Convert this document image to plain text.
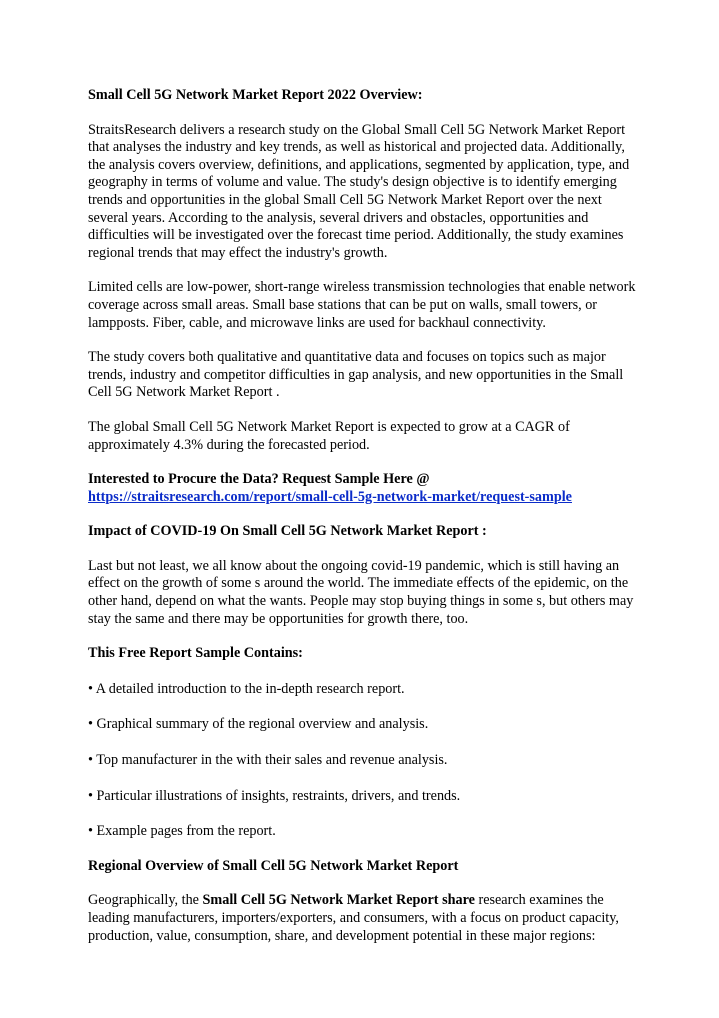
Small Cell 5G Network Market Report 2022 Overview:

StraitsResearch delivers a research study on the Global Small Cell 5G Network Market Report that analyses the industry and key trends, as well as historical and projected data. Additionally, the analysis covers overview, definitions, and applications, segmented by application, type, and geography in terms of volume and value. The study's design objective is to identify emerging trends and opportunities in the global Small Cell 5G Network Market Report over the next several years. According to the analysis, several drivers and obstacles, opportunities and difficulties will be investigated over the forecast time period. Additionally, the study examines regional trends that may effect the industry's growth.

Limited cells are low-power, short-range wireless transmission technologies that enable network coverage across small areas. Small base stations that can be put on walls, small towers, or lampposts. Fiber, cable, and microwave links are used for backhaul connectivity.

The study covers both qualitative and quantitative data and focuses on topics such as major trends, industry and competitor difficulties in gap analysis, and new opportunities in the Small Cell 5G Network Market Report .

The global Small Cell 5G Network Market Report is expected to grow at a CAGR of approximately 4.3% during the forecasted period.

Interested to Procure the Data? Request Sample Here @

https://straitsresearch.com/report/small-cell-5g-network-market/request-sample

Impact of COVID-19 On Small Cell 5G Network Market Report :

Last but not least, we all know about the ongoing covid-19 pandemic, which is still having an effect on the growth of some s around the world. The immediate effects of the epidemic, on the other hand, depend on what the wants. People may stop buying things in some s, but others may stay the same and there may be opportunities for growth there, too.

This Free Report Sample Contains:

• A detailed introduction to the in-depth research report.

• Graphical summary of the regional overview and analysis.

• Top manufacturer in the with their sales and revenue analysis.

• Particular illustrations of insights, restraints, drivers, and trends.

• Example pages from the report.

Regional Overview of Small Cell 5G Network Market Report

Geographically, the Small Cell 5G Network Market Report share research examines the leading manufacturers, importers/exporters, and consumers, with a focus on product capacity, production, value, consumption, share, and development potential in these major regions:
